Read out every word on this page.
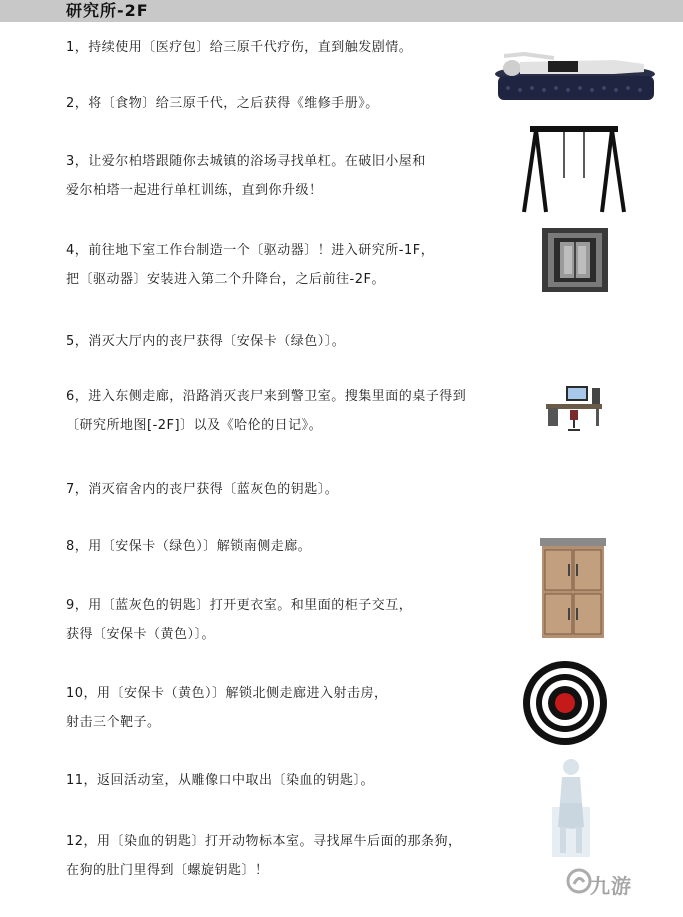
研究所-2F
1，持续使用〔医疗包〕给三原千代疗伤，直到触发剧情。
2，将〔食物〕给三原千代，之后获得《维修手册》。
3，让爱尔柏塔跟随你去城镇的浴场寻找单杠。在破旧小屋和
爱尔柏塔一起进行单杠训练，直到你升级！
4，前往地下室工作台制造一个〔驱动器〕！进入研究所-1F，
把〔驱动器〕安装进入第二个升降台，之后前往-2F。
5，消灭大厅内的丧尸获得〔安保卡（绿色）〕。
6，进入东侧走廊，沿路消灭丧尸来到警卫室。搜集里面的桌子得到
〔研究所地图[-2F]〕以及《哈伦的日记》。
7，消灭宿舍内的丧尸获得〔蓝灰色的钥匙〕。
8，用〔安保卡（绿色）〕解锁南侧走廊。
9，用〔蓝灰色的钥匙〕打开更衣室。和里面的柜子交互，
获得〔安保卡（黄色）〕。
10，用〔安保卡（黄色）〕解锁北侧走廊进入射击房，
射击三个靶子。
11，返回活动室，从雕像口中取出〔染血的钥匙〕。
12，用〔染血的钥匙〕打开动物标本室。寻找犀牛后面的那条狗，
在狗的肚门里得到〔螺旋钥匙〕！
九游
